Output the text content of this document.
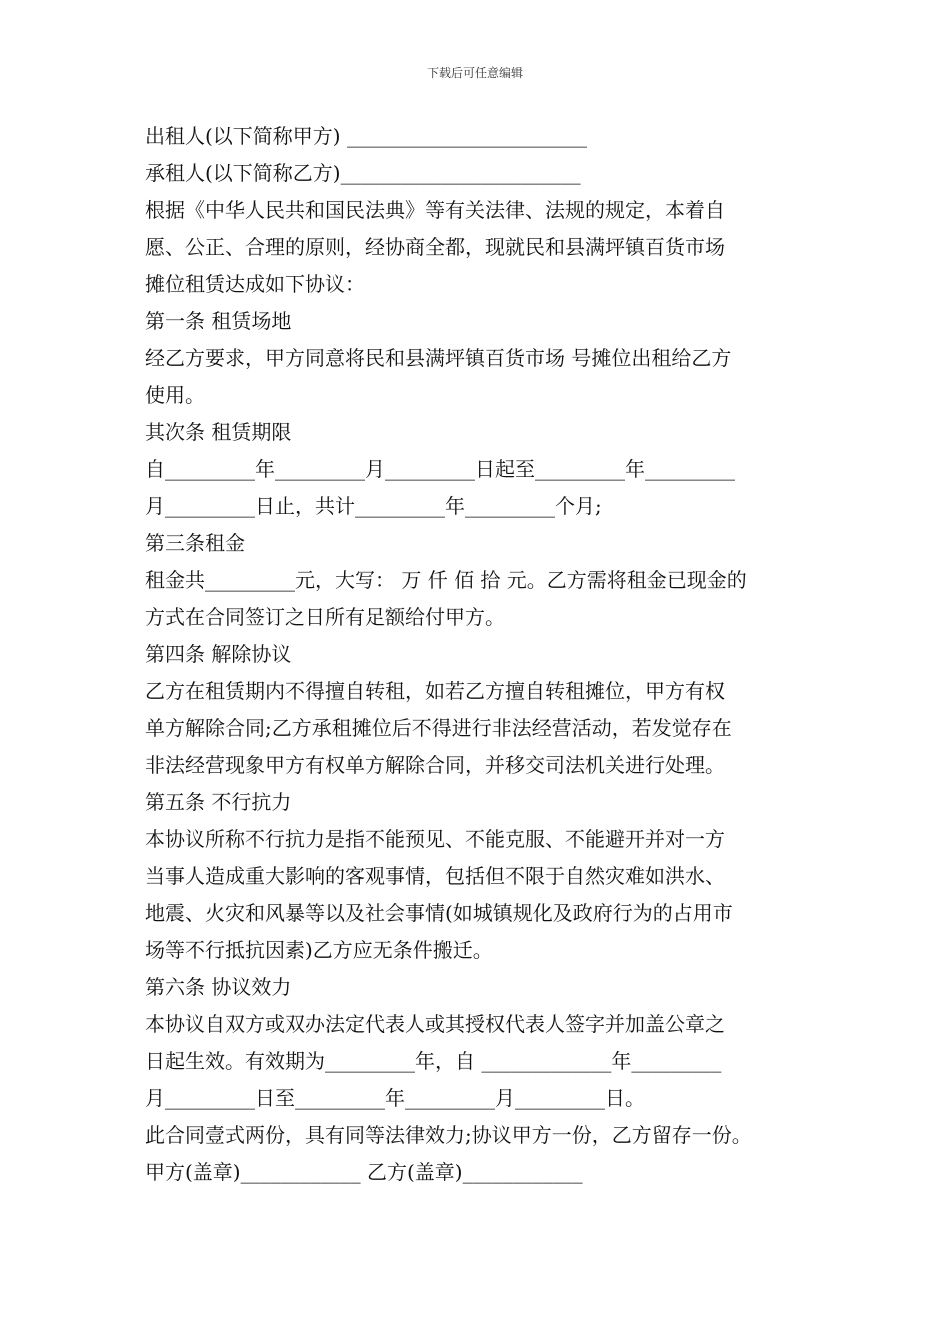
下载后可任意编辑
出租人(以下简称甲方) ________________________
承租人(以下简称乙方)________________________
根据《中华人民共和国民法典》等有关法律、法规的规定，本着自
愿、公正、合理的原则，经协商全都，现就民和县满坪镇百货市场
摊位租赁达成如下协议：
第一条 租赁场地
经乙方要求，甲方同意将民和县满坪镇百货市场 号摊位出租给乙方
使用。
其次条 租赁期限
自_________年_________月_________日起至_________年_________
月_________日止，共计_________年_________个月;
第三条租金
租金共_________元，大写： 万 仟 佰 拾 元。乙方需将租金已现金的
方式在合同签订之日所有足额给付甲方。
第四条 解除协议
乙方在租赁期内不得擅自转租，如若乙方擅自转租摊位，甲方有权
单方解除合同;乙方承租摊位后不得进行非法经营活动，若发觉存在
非法经营现象甲方有权单方解除合同，并移交司法机关进行处理。
第五条 不行抗力
本协议所称不行抗力是指不能预见、不能克服、不能避开并对一方
当事人造成重大影响的客观事情，包括但不限于自然灾难如洪水、
地震、火灾和风暴等以及社会事情(如城镇规化及政府行为的占用市
场等不行抵抗因素)乙方应无条件搬迁。
第六条 协议效力
本协议自双方或双办法定代表人或其授权代表人签字并加盖公章之
日起生效。有效期为_________年，自 _____________年_________
月_________日至_________年_________月_________日。
此合同壹式两份，具有同等法律效力;协议甲方一份，乙方留存一份。
甲方(盖章)____________ 乙方(盖章)____________
